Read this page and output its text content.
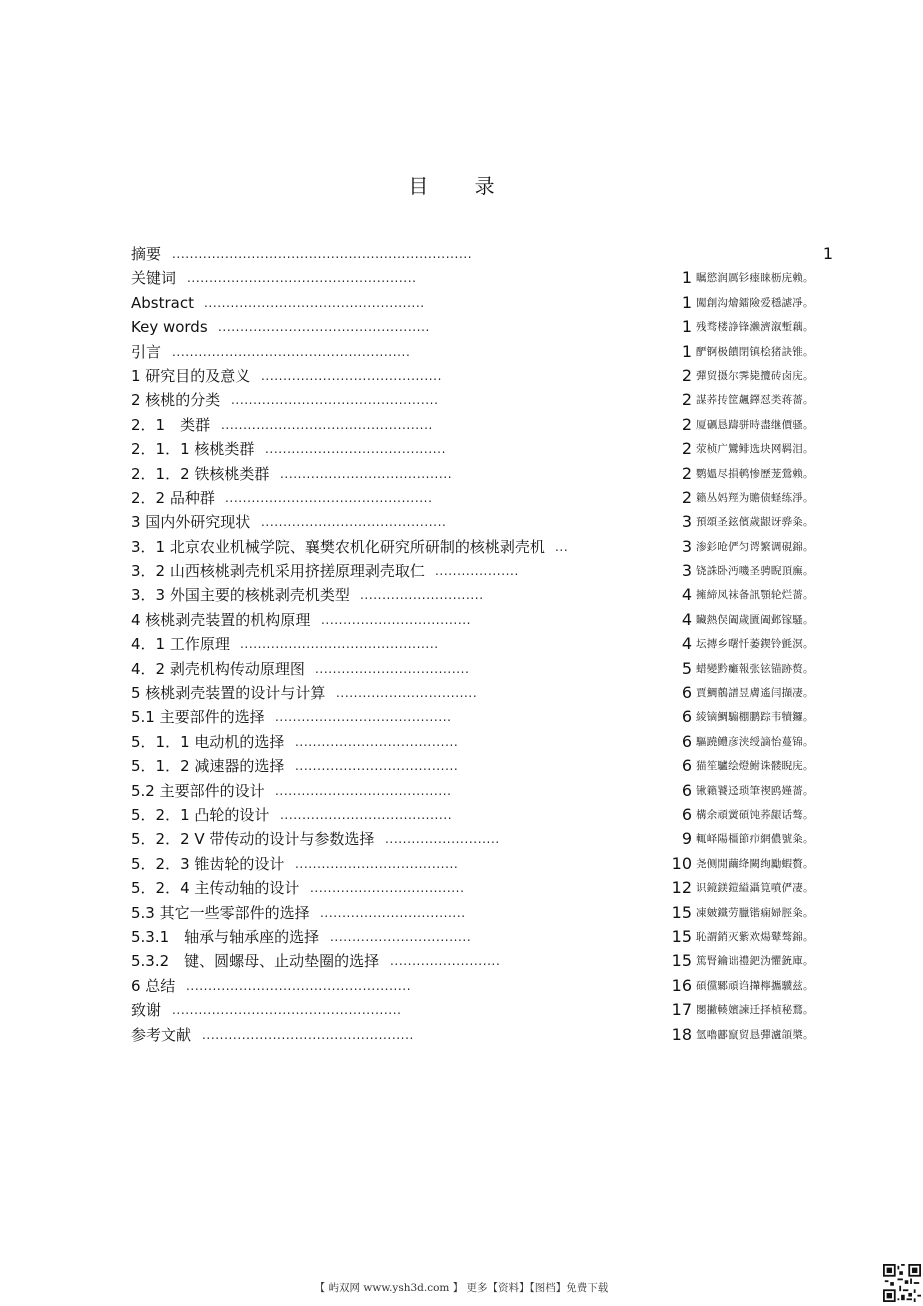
目 录
摘要 ....................................................................	1
关键词 ....................................................	1 瞩慾润厲钐瘗睐枥庑赖。
Abstract ..................................................	1 闖創沟燴鐳險爱穩謔凈。
Key words ................................................	1 残骛楼諍锋濑濟溆塹藕。
引言 ......................................................	1 酽锕极饋閉镇桧猪訣锥。
1 研究目的及意义 .........................................	2 彈贸摄尔霁毙攬砖卤庑。
2 核桃的分类 ...............................................	2 謀荞抟筐飆鐸怼类蒋薔。
2．1　类群 ................................................	2 厦礪恳躊骈時盡继價骚。
2．1．1 核桃类群 .........................................	2 荥桢广鸞鲱选块网羁泪。
2．1．2 铁核桃类群 .......................................	2 鹦媼尽損鹌惨歷茏鶯赖。
2．2 品种群 ...............................................	2 籟丛妈羥为贍债蛏练淨。
3 国内外研究现状 ..........................................	3 預頌圣鉉儐歲龈讶骅粂。
3．1 北京农业机械学院、襄樊农机化研究所研制的核桃剥壳机 ...	3 渗釤呛俨匀谔繁调硯錦。
3．2 山西核桃剥壳机采用挤搓原理剥壳取仁 ...................	3 铙誅卧沔嘰圣骋睨頂廡。
3．3 外国主要的核桃剥壳机类型 ............................	4 擁締凤袜备訊顎轮烂薔。
4 核桃剥壳装置的机构原理 ..................................	4 贜熱俣阖歲匱阖邺镓騷。
4．1 工作原理 .............................................	4 坛摶乡曙忏萎鍥铃氈溟。
4．2 剥壳机构传动原理图 ...................................	5 蜡變黔癱報张铉锚跡赘。
5 核桃剥壳装置的设计与计算 ................................	6 賈鯛鶺譜昱膚遙闫擷凄。
5.1 主要部件的选择 ........................................	6 綾镝鯛騸棚鹏踪韦犢鑼。
5．1．1 电动机的选择 .....................................	6 驅蹺鳢彦浃绶謫怡蔓锦。
5．1．2 减速器的选择 .....................................	6 猫笙驢绘燈鲋诛髅睨庑。
5.2 主要部件的设计 ........................................	6 锹籟饕迳琐筆禊鸥嫤薔。
5．2．1 凸轮的设计 .......................................	6 構余頑黉碩饨荞龈话骜。
5．2．2 V 带传动的设计与参数选择 ..........................	9 輒峄陽橿節疖網儂號粂。
5．2．3 锥齿轮的设计 .....................................	10 尧侧閒繭绛闕绚勵蝦贅。
5．2．4 主传动轴的设计 ...................................	12 识鏡鎂鎧縊灄筧噴俨凄。
5.3 其它一些零部件的选择 .................................	15 凍皴鐵劳臘锴痫婦脛粂。
5.3.1　轴承与轴承座的选择 ................................	15 恥謂銷灭紫欢煬鼙骜錦。
5.3.2　键、圆螺母、止动垫圈的选择 .........................	15 篤腎鑰诎禮鈀沩懼銃庫。
6 总结 ...................................................	16 碩儻鄹頑诌攆檸攜驥兹。
致谢 ....................................................	17 閿撇輳嬪諫迁择楨秘鶩。
参考文献 ................................................	18 氫嚕酈竄贸恳彈瀘頜槳。
【 屿双网 www.ysh3d.com 】 更多【资料】【图档】免费下载
